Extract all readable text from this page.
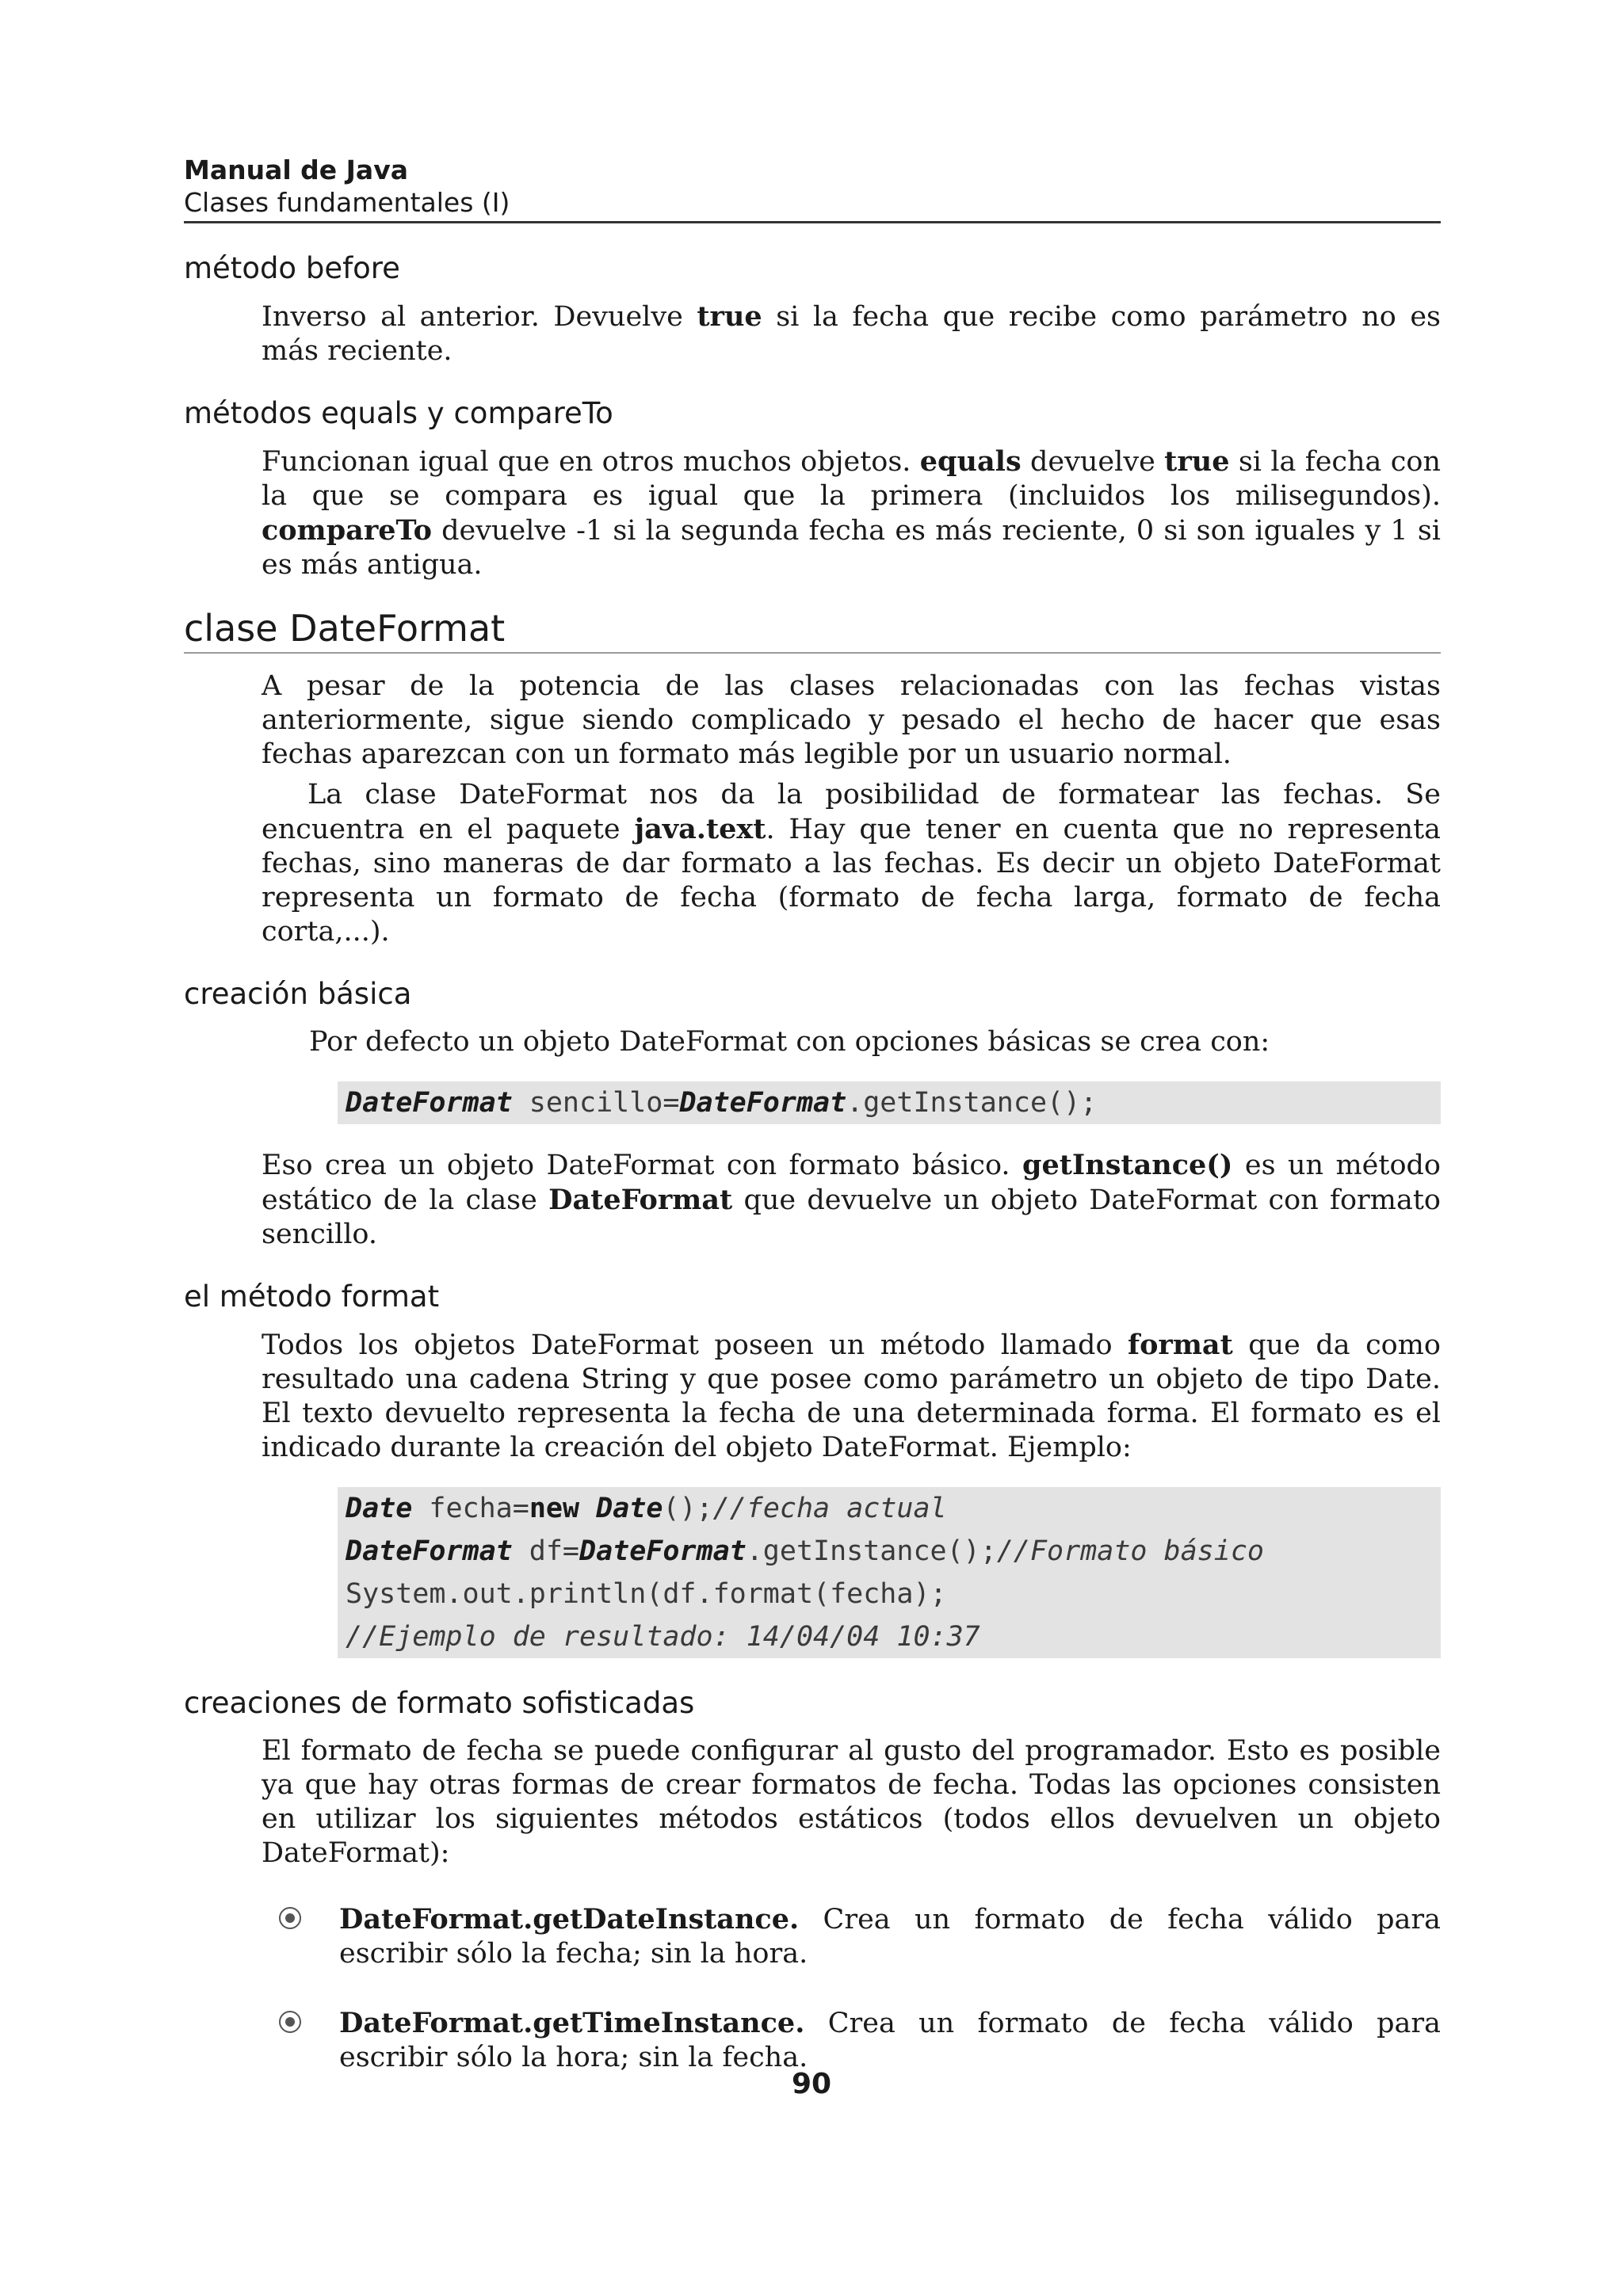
Manual de Java
Clases fundamentales (I)
método before

Inverso al anterior. Devuelve true si la fecha que recibe como parámetro no es más reciente.

métodos equals y compareTo

Funcionan igual que en otros muchos objetos. equals devuelve true si la fecha con la que se compara es igual que la primera (incluidos los milisegundos). compareTo devuelve -1 si la segunda fecha es más reciente, 0 si son iguales y 1 si es más antigua.

clase DateFormat

A pesar de la potencia de las clases relacionadas con las fechas vistas anteriormente, sigue siendo complicado y pesado el hecho de hacer que esas fechas aparezcan con un formato más legible por un usuario normal.

La clase DateFormat nos da la posibilidad de formatear las fechas. Se encuentra en el paquete java.text. Hay que tener en cuenta que no representa fechas, sino maneras de dar formato a las fechas. Es decir un objeto DateFormat representa un formato de fecha (formato de fecha larga, formato de fecha corta,...).

creación básica

Por defecto un objeto DateFormat con opciones básicas se crea con:

DateFormat sencillo=DateFormat.getInstance();

Eso crea un objeto DateFormat con formato básico. getInstance() es un método estático de la clase DateFormat que devuelve un objeto DateFormat con formato sencillo.

el método format

Todos los objetos DateFormat poseen un método llamado format que da como resultado una cadena String y que posee como parámetro un objeto de tipo Date. El texto devuelto representa la fecha de una determinada forma. El formato es el indicado durante la creación del objeto DateFormat. Ejemplo:

Date fecha=new Date();//fecha actual
DateFormat df=DateFormat.getInstance();//Formato básico
System.out.println(df.format(fecha);
//Ejemplo de resultado: 14/04/04 10:37
creaciones de formato sofisticadas

El formato de fecha se puede configurar al gusto del programador. Esto es posible ya que hay otras formas de crear formatos de fecha. Todas las opciones consisten en utilizar los siguientes métodos estáticos (todos ellos devuelven un objeto DateFormat):

DateFormat.getDateInstance. Crea un formato de fecha válido para escribir sólo la fecha; sin la hora.
DateFormat.getTimeInstance. Crea un formato de fecha válido para escribir sólo la hora; sin la fecha.
90
